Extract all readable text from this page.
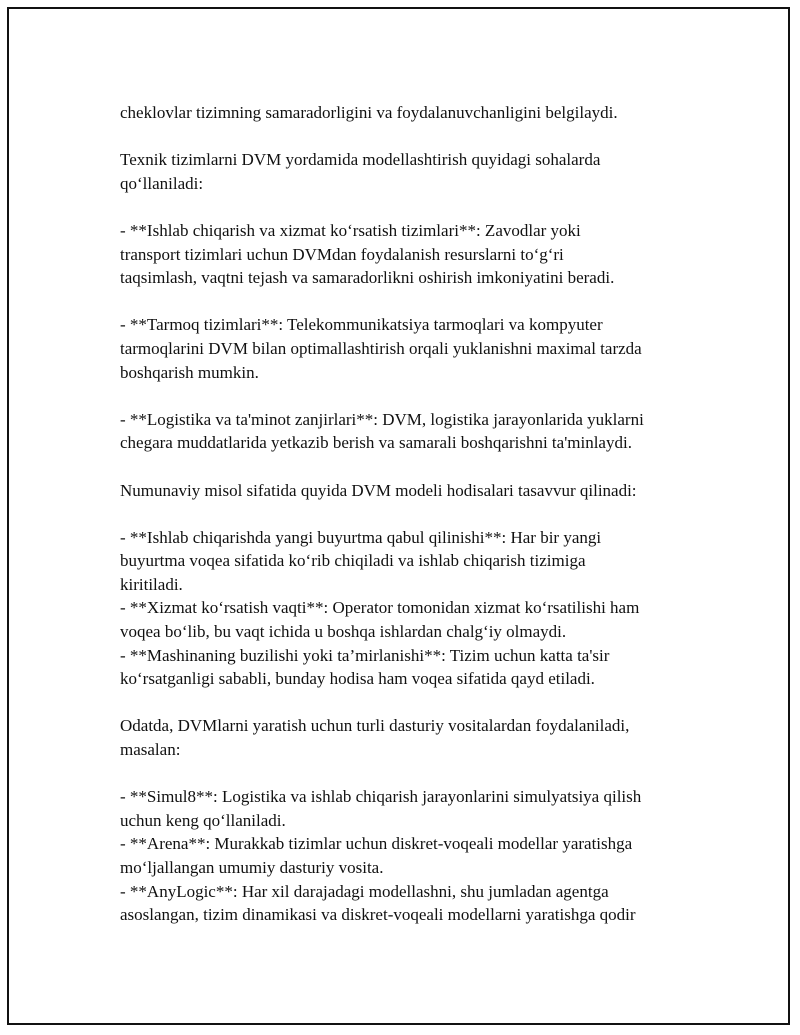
cheklovlar tizimning samaradorligini va foydalanuvchanligini belgilaydi.

Texnik tizimlarni DVM yordamida modellashtirish quyidagi sohalarda
qo‘llaniladi:

- **Ishlab chiqarish va xizmat ko‘rsatish tizimlari**: Zavodlar yoki
transport tizimlari uchun DVMdan foydalanish resurslarni to‘g‘ri
taqsimlash, vaqtni tejash va samaradorlikni oshirish imkoniyatini beradi.

- **Tarmoq tizimlari**: Telekommunikatsiya tarmoqlari va kompyuter
tarmoqlarini DVM bilan optimallashtirish orqali yuklanishni maximal tarzda
boshqarish mumkin.

- **Logistika va ta'minot zanjirlari**: DVM, logistika jarayonlarida yuklarni
chegara muddatlarida yetkazib berish va samarali boshqarishni ta'minlaydi.

Numunaviy misol sifatida quyida DVM modeli hodisalari tasavvur qilinadi:

- **Ishlab chiqarishda yangi buyurtma qabul qilinishi**: Har bir yangi
buyurtma voqea sifatida ko‘rib chiqiladi va ishlab chiqarish tizimiga
kiritiladi.

- **Xizmat ko‘rsatish vaqti**: Operator tomonidan xizmat ko‘rsatilishi ham
voqea bo‘lib, bu vaqt ichida u boshqa ishlardan chalg‘iy olmaydi.

- **Mashinaning buzilishi yoki ta’mirlanishi**: Tizim uchun katta ta'sir
ko‘rsatganligi sababli, bunday hodisa ham voqea sifatida qayd etiladi.

Odatda, DVMlarni yaratish uchun turli dasturiy vositalardan foydalaniladi,
masalan:

- **Simul8**: Logistika va ishlab chiqarish jarayonlarini simulyatsiya qilish
uchun keng qo‘llaniladi.

- **Arena**: Murakkab tizimlar uchun diskret-voqeali modellar yaratishga
mo‘ljallangan umumiy dasturiy vosita.

- **AnyLogic**: Har xil darajadagi modellashni, shu jumladan agentga
asoslangan, tizim dinamikasi va diskret-voqeali modellarni yaratishga qodir
